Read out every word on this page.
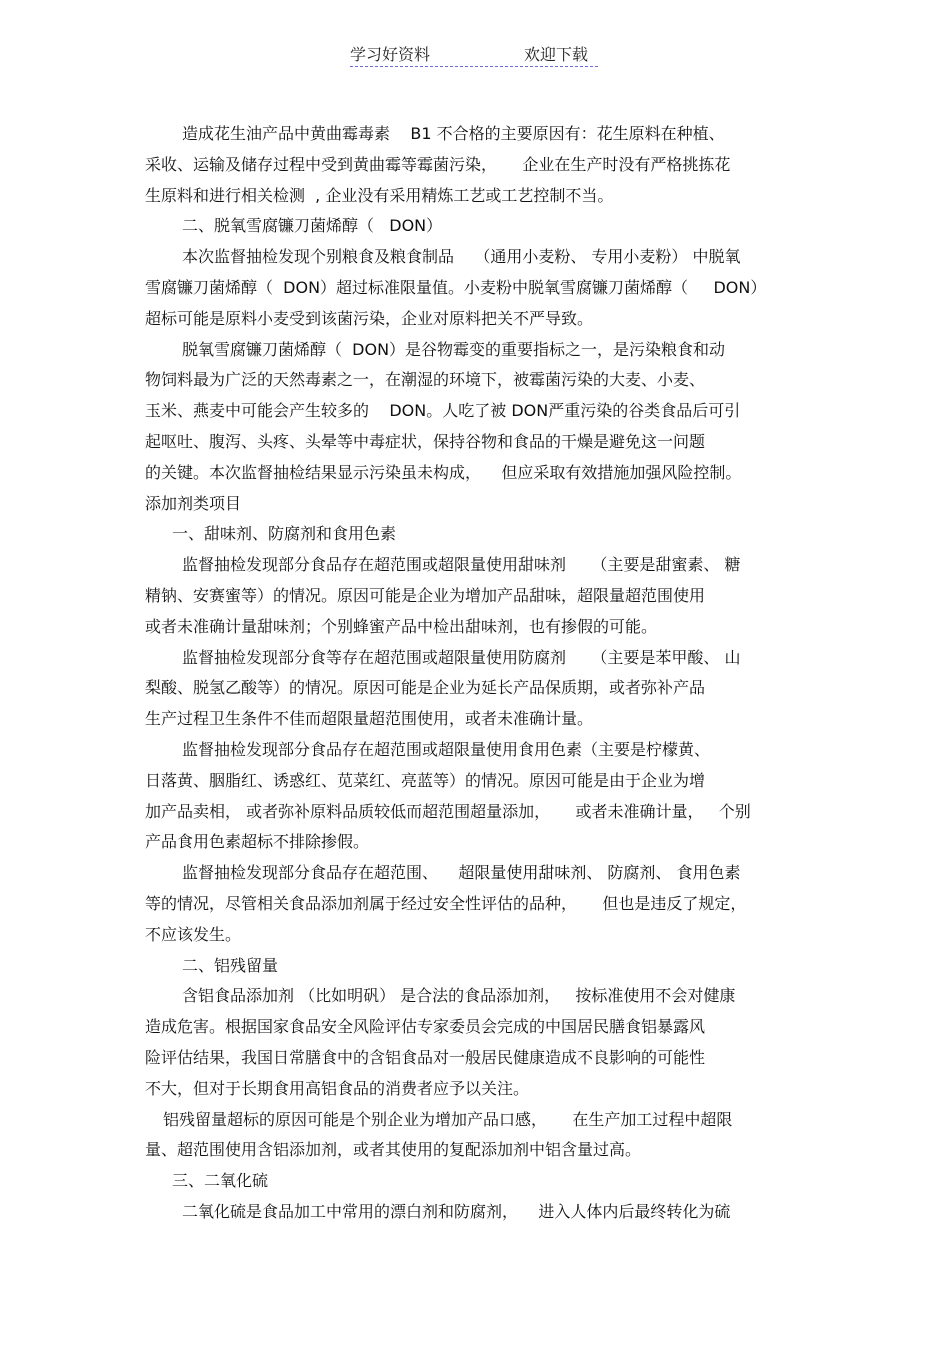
学习好资料	欢迎下载
造成花生油产品中黄曲霉毒素    B1 不合格的主要原因有：花生原料在种植、
采收、运输及储存过程中受到黄曲霉等霉菌污染，     企业在生产时没有严格挑拣花
生原料和进行相关检测  , 企业没有采用精炼工艺或工艺控制不当。
二、脱氧雪腐镰刀菌烯醇（   DON）
本次监督抽检发现个别粮食及粮食制品    （通用小麦粉、 专用小麦粉） 中脱氧
雪腐镰刀菌烯醇（  DON）超过标准限量值。小麦粉中脱氧雪腐镰刀菌烯醇（     DON）
超标可能是原料小麦受到该菌污染，企业对原料把关不严导致。
脱氧雪腐镰刀菌烯醇（  DON）是谷物霉变的重要指标之一，是污染粮食和动
物饲料最为广泛的天然毒素之一，在潮湿的环境下，被霉菌污染的大麦、小麦、
玉米、燕麦中可能会产生较多的    DON。人吃了被 DON严重污染的谷类食品后可引
起呕吐、腹泻、头疼、头晕等中毒症状，保持谷物和食品的干燥是避免这一问题
的关键。本次监督抽检结果显示污染虽未构成，    但应采取有效措施加强风险控制。
添加剂类项目
一、甜味剂、防腐剂和食用色素
监督抽检发现部分食品存在超范围或超限量使用甜味剂     （主要是甜蜜素、 糖
精钠、安赛蜜等）的情况。原因可能是企业为增加产品甜味，超限量超范围使用
或者未准确计量甜味剂；个别蜂蜜产品中检出甜味剂，也有掺假的可能。
监督抽检发现部分食等存在超范围或超限量使用防腐剂     （主要是苯甲酸、 山
梨酸、脱氢乙酸等）的情况。原因可能是企业为延长产品保质期，或者弥补产品
生产过程卫生条件不佳而超限量超范围使用，或者未准确计量。
监督抽检发现部分食品存在超范围或超限量使用食用色素（主要是柠檬黄、
日落黄、胭脂红、诱惑红、苋菜红、亮蓝等）的情况。原因可能是由于企业为增
加产品卖相， 或者弥补原料品质较低而超范围超量添加，     或者未准确计量，   个别
产品食用色素超标不排除掺假。
监督抽检发现部分食品存在超范围、    超限量使用甜味剂、 防腐剂、 食用色素
等的情况，尽管相关食品添加剂属于经过安全性评估的品种，     但也是违反了规定，
不应该发生。
二、铝残留量
含铝食品添加剂 （比如明矾） 是合法的食品添加剂，   按标准使用不会对健康
造成危害。根据国家食品安全风险评估专家委员会完成的中国居民膳食铝暴露风
险评估结果，我国日常膳食中的含铝食品对一般居民健康造成不良影响的可能性
不大，但对于长期食用高铝食品的消费者应予以关注。
铝残留量超标的原因可能是个别企业为增加产品口感，     在生产加工过程中超限
量、超范围使用含铝添加剂，或者其使用的复配添加剂中铝含量过高。
三、二氧化硫
二氧化硫是食品加工中常用的漂白剂和防腐剂，    进入人体内后最终转化为硫
